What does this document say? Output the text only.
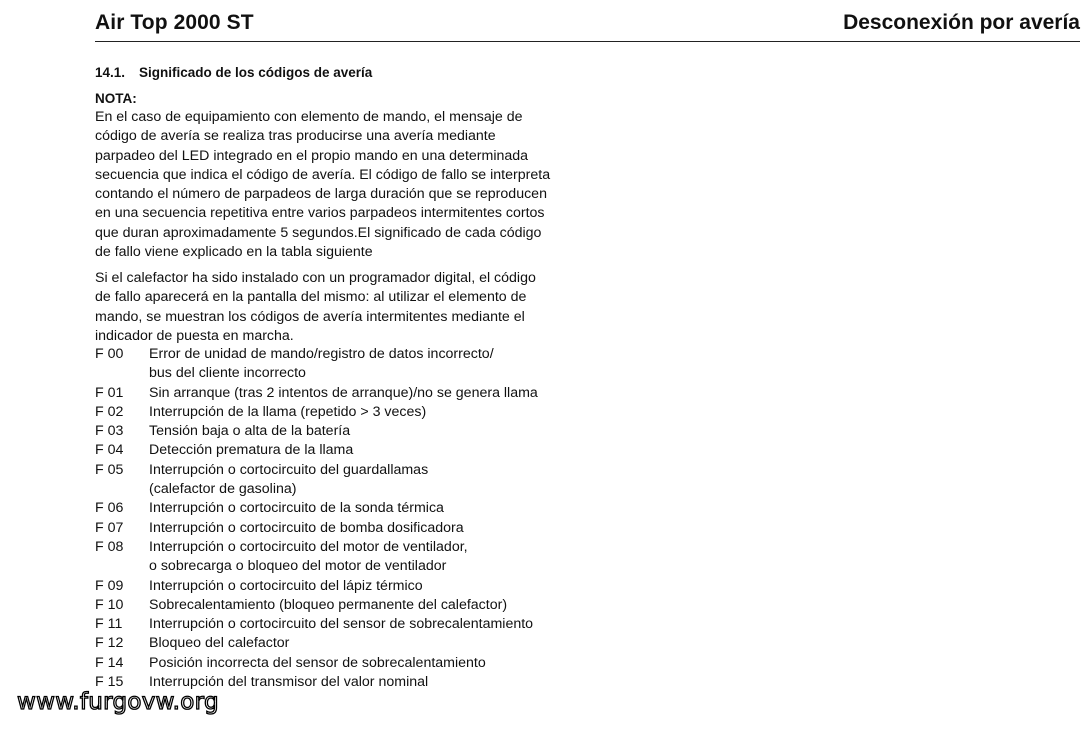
Air Top 2000 ST	Desconexión por avería
14.1. Significado de los códigos de avería
NOTA:
En el caso de equipamiento con elemento de mando, el mensaje de
código de avería se realiza tras producirse una avería mediante
parpadeo del LED integrado en el propio mando en una determinada
secuencia que indica el código de avería. El código de fallo se interpreta
contando el número de parpadeos de larga duración que se reproducen
en una secuencia repetitiva entre varios parpadeos intermitentes cortos
que duran aproximadamente 5 segundos.El significado de cada código
de fallo viene explicado en la tabla siguiente
Si el calefactor ha sido instalado con un programador digital, el código
de fallo aparecerá en la pantalla del mismo: al utilizar el elemento de
mando, se muestran los códigos de avería intermitentes mediante el
indicador de puesta en marcha.
F 00	Error de unidad de mando/registro de datos incorrecto/
bus del cliente incorrecto
F 01	Sin arranque (tras 2 intentos de arranque)/no se genera llama
F 02	Interrupción de la llama (repetido > 3 veces)
F 03	Tensión baja o alta de la batería
F 04	Detección prematura de la llama
F 05	Interrupción o cortocircuito del guardallamas
(calefactor de gasolina)
F 06	Interrupción o cortocircuito de la sonda térmica
F 07	Interrupción o cortocircuito de bomba dosificadora
F 08	Interrupción o cortocircuito del motor de ventilador,
o sobrecarga o bloqueo del motor de ventilador
F 09	Interrupción o cortocircuito del lápiz térmico
F 10	Sobrecalentamiento (bloqueo permanente del calefactor)
F 11	Interrupción o cortocircuito del sensor de sobrecalentamiento
F 12	Bloqueo del calefactor
F 14	Posición incorrecta del sensor de sobrecalentamiento
F 15	Interrupción del transmisor del valor nominal
www.furgovw.org
